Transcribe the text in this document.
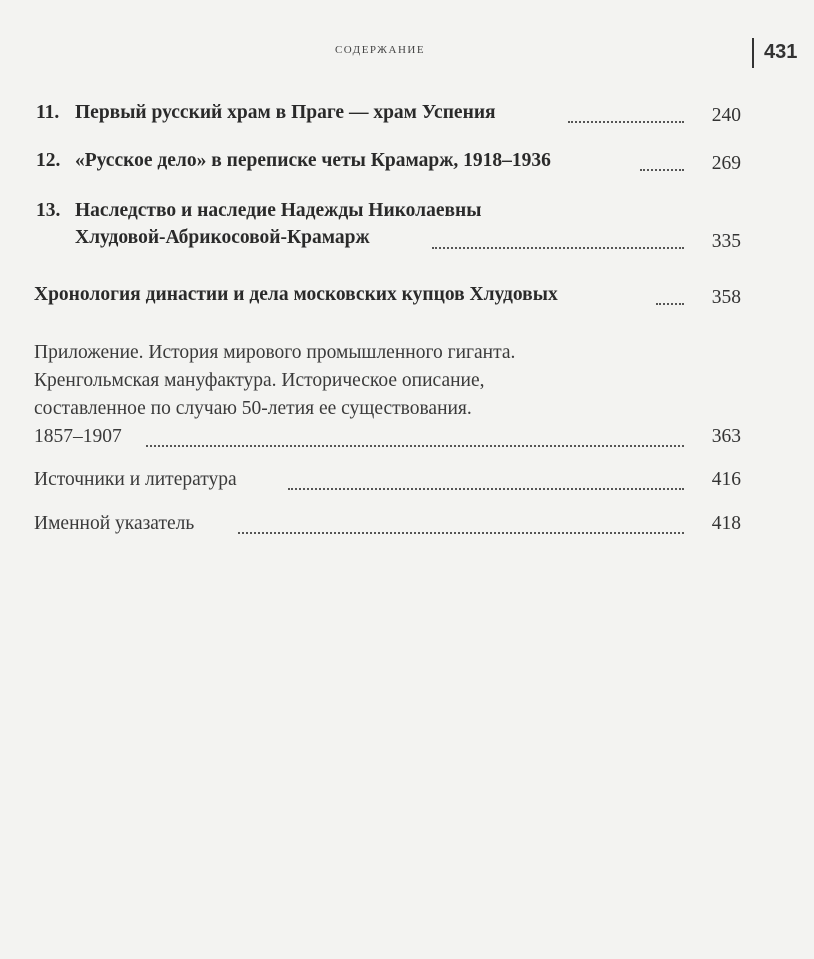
СОДЕРЖАНИЕ	431
11. Первый русский храм в Праге — храм Успения	240
12. «Русское дело» в переписке четы Крамарж, 1918–1936	269
13. Наследство и наследие Надежды Николаевны
Хлудовой-Абрикосовой-Крамарж	335
Хронология династии и дела московских купцов Хлудовых	358
Приложение. История мирового промышленного гиганта.
Кренгольмская мануфактура. Историческое описание,
составленное по случаю 50-летия ее существования.
1857–1907	363
Источники и литература	416
Именной указатель	418
